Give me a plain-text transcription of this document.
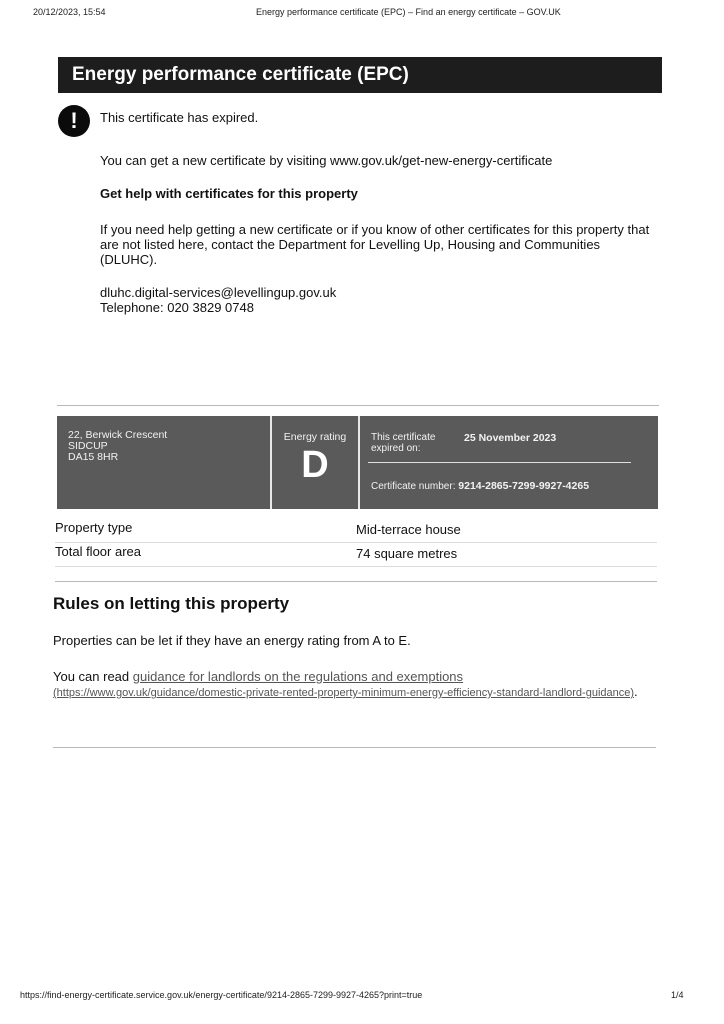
20/12/2023, 15:54	Energy performance certificate (EPC) – Find an energy certificate – GOV.UK
Energy performance certificate (EPC)
!	This certificate has expired.
You can get a new certificate by visiting www.gov.uk/get-new-energy-certificate
Get help with certificates for this property
If you need help getting a new certificate or if you know of other certificates for this property that are not listed here, contact the Department for Levelling Up, Housing and Communities (DLUHC).
dluhc.digital-services@levellingup.gov.uk
Telephone: 020 3829 0748
22, Berwick Crescent
SIDCUP
DA15 8HR
Energy rating
D
This certificate expired on:
25 November 2023
Certificate number: 9214-2865-7299-9927-4265
Property type	Mid-terrace house
Total floor area	74 square metres
Rules on letting this property
Properties can be let if they have an energy rating from A to E.
You can read guidance for landlords on the regulations and exemptions
(https://www.gov.uk/guidance/domestic-private-rented-property-minimum-energy-efficiency-standard-landlord-guidance).
https://find-energy-certificate.service.gov.uk/energy-certificate/9214-2865-7299-9927-4265?print=true	1/4
